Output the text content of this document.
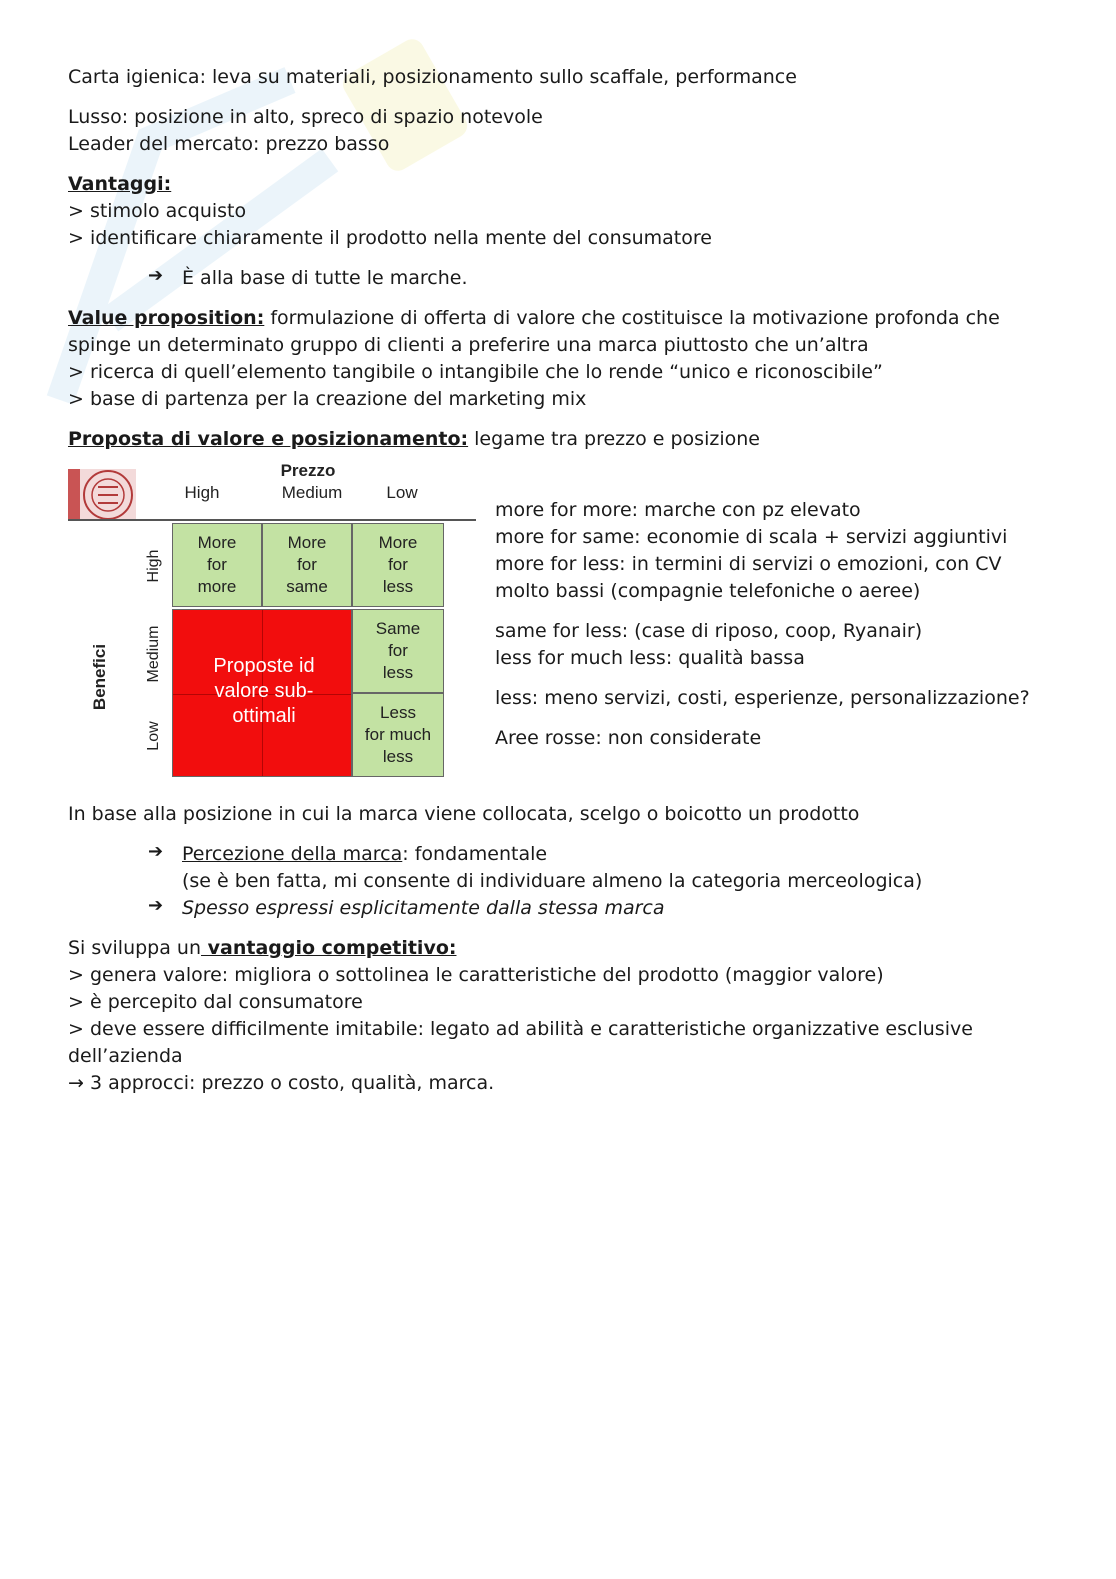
Carta igienica: leva su materiali, posizionamento sullo scaffale, performance

Lusso: posizione in alto, spreco di spazio notevole

Leader del mercato: prezzo basso

Vantaggi:

> stimolo acquisto

> identificare chiaramente il prodotto nella mente del consumatore

➔ È alla base di tutte le marche.

Value proposition: formulazione di offerta di valore che costituisce la motivazione profonda che spinge un determinato gruppo di clienti a preferire una marca piuttosto che un’altra

> ricerca di quell’elemento tangibile o intangibile che lo rende “unico e riconoscibile”

> base di partenza per la creazione del marketing mix

Proposta di valore e posizionamento: legame tra prezzo e posizione

Prezzo
High	Medium	Low
Benefici
High
Medium
Low
More
for
more
More
for
same
More
for
less
Proposte id
valore sub-
ottimali
Same
for
less
Less
for much
less

more for more: marche con pz elevato

more for same: economie di scala + servizi aggiuntivi

more for less: in termini di servizi o emozioni, con CV molto bassi (compagnie telefoniche o aeree)

same for less: (case di riposo, coop, Ryanair)

less for much less: qualità bassa

less: meno servizi, costi, esperienze, personalizzazione?

Aree rosse: non considerate

In base alla posizione in cui la marca viene collocata, scelgo o boicotto un prodotto

➔ Percezione della marca: fondamentale

(se è ben fatta, mi consente di individuare almeno la categoria merceologica)

➔ Spesso espressi esplicitamente dalla stessa marca

Si sviluppa un vantaggio competitivo:

> genera valore: migliora o sottolinea le caratteristiche del prodotto (maggior valore)

> è percepito dal consumatore

> deve essere difficilmente imitabile: legato ad abilità e caratteristiche organizzative esclusive dell’azienda

→ 3 approcci: prezzo o costo, qualità, marca.
